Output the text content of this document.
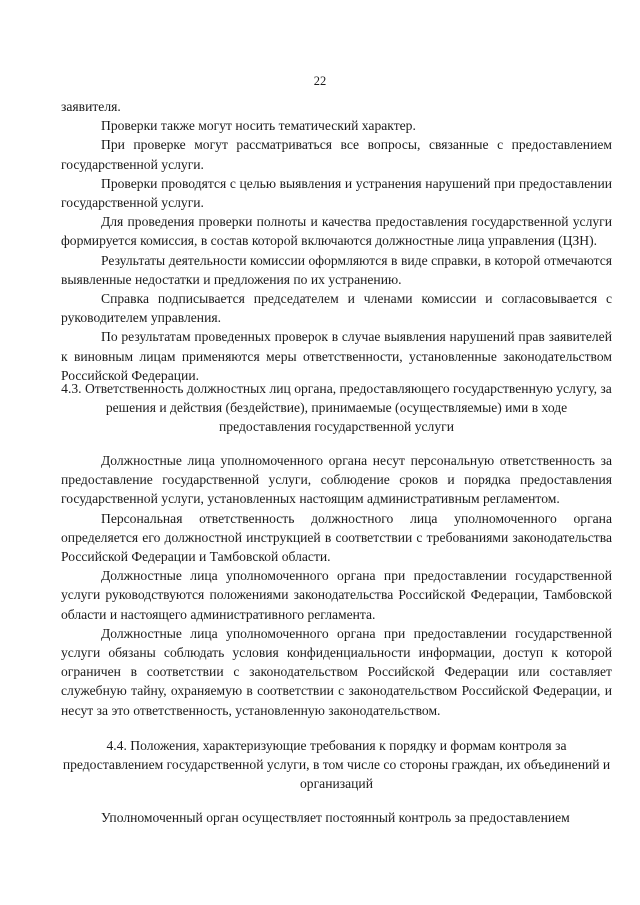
22

заявителя.

Проверки также могут носить тематический характер.

При проверке могут рассматриваться все вопросы, связанные с предоставлением государственной услуги.

Проверки проводятся с целью выявления и устранения нарушений при предоставлении государственной услуги.

Для проведения проверки полноты и качества предоставления государственной услуги формируется комиссия, в состав которой включаются должностные лица управления (ЦЗН).

Результаты деятельности комиссии оформляются в виде справки, в которой отмечаются выявленные недостатки и предложения по их устранению.

Справка подписывается председателем и членами комиссии и согласовывается с руководителем управления.

По результатам проведенных проверок в случае выявления нарушений прав заявителей к виновным лицам применяются меры ответственности, установленные законодательством Российской Федерации.

4.3. Ответственность должностных лиц органа, предоставляющего государственную услугу, за решения и действия (бездействие), принимаемые (осуществляемые) ими в ходе предоставления государственной услуги

Должностные лица уполномоченного органа несут персональную ответственность за предоставление государственной услуги, соблюдение сроков и порядка предоставления государственной услуги, установленных настоящим административным регламентом.

Персональная ответственность должностного лица уполномоченного органа определяется его должностной инструкцией в соответствии с требованиями законодательства Российской Федерации и Тамбовской области.

Должностные лица уполномоченного органа при предоставлении государственной услуги руководствуются положениями законодательства Российской Федерации, Тамбовской области и настоящего административного регламента.

Должностные лица уполномоченного органа при предоставлении государственной услуги обязаны соблюдать условия конфиденциальности информации, доступ к которой ограничен в соответствии с законодательством Российской Федерации или составляет служебную тайну, охраняемую в соответствии с законодательством Российской Федерации, и несут за это ответственность, установленную законодательством.

4.4. Положения, характеризующие требования к порядку и формам контроля за предоставлением государственной услуги, в том числе со стороны граждан, их объединений и организаций

Уполномоченный орган осуществляет постоянный контроль за предоставлением
